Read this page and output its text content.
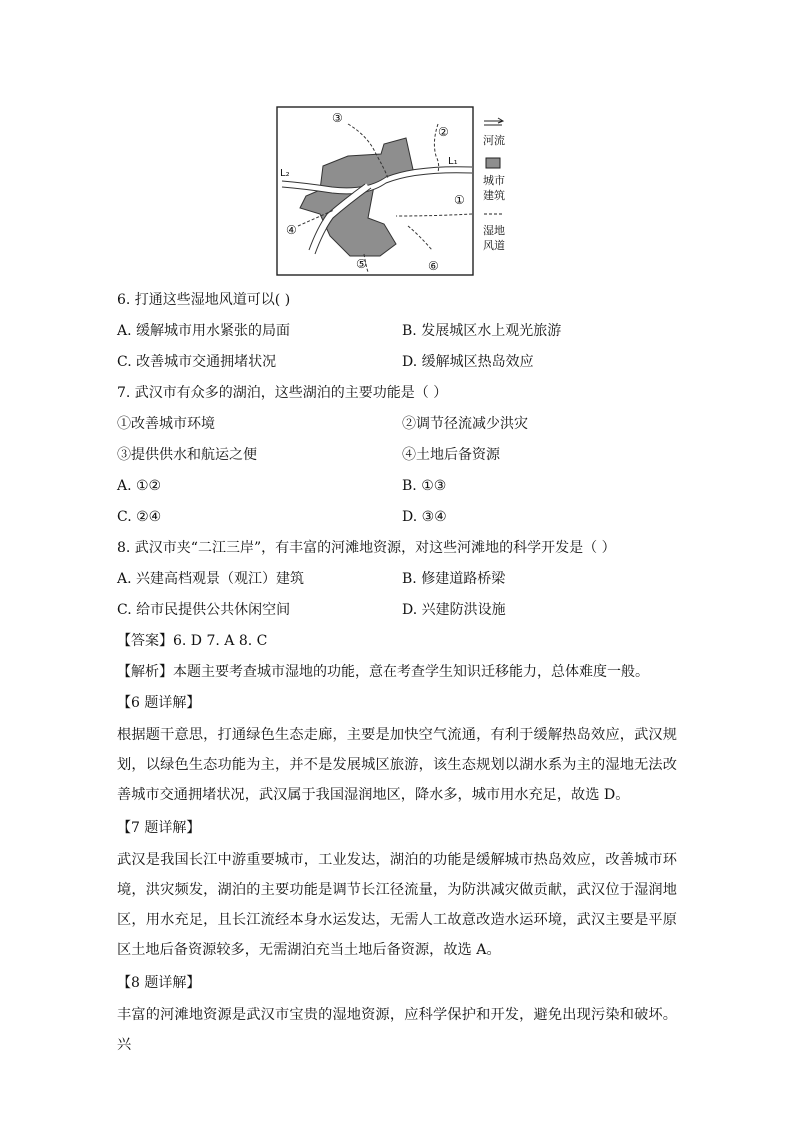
③
②
①
④
⑤	⑥
L₂
L₁
河流
城市
建筑
湿地
风道
6. 打通这些湿地风道可以( )
A. 缓解城市用水紧张的局面	B. 发展城区水上观光旅游
C. 改善城市交通拥堵状况	D. 缓解城区热岛效应
7. 武汉市有众多的湖泊，这些湖泊的主要功能是（ ）
①改善城市环境	②调节径流减少洪灾
③提供供水和航运之便	④土地后备资源
A. ①②	B. ①③
C. ②④	D. ③④
8. 武汉市夹“二江三岸”，有丰富的河滩地资源，对这些河滩地的科学开发是（ ）
A. 兴建高档观景（观江）建筑	B. 修建道路桥梁
C. 给市民提供公共休闲空间	D. 兴建防洪设施
【答案】6. D 7. A 8. C
【解析】本题主要考查城市湿地的功能，意在考查学生知识迁移能力，总体难度一般。
【6 题详解】
根据题干意思，打通绿色生态走廊，主要是加快空气流通，有利于缓解热岛效应，武汉规划，以绿色生态功能为主，并不是发展城区旅游，该生态规划以湖水系为主的湿地无法改善城市交通拥堵状况，武汉属于我国湿润地区，降水多，城市用水充足，故选 D。
【7 题详解】
武汉是我国长江中游重要城市，工业发达，湖泊的功能是缓解城市热岛效应，改善城市环境，洪灾频发，湖泊的主要功能是调节长江径流量，为防洪减灾做贡献，武汉位于湿润地区，用水充足，且长江流经本身水运发达，无需人工故意改造水运环境，武汉主要是平原区土地后备资源较多，无需湖泊充当土地后备资源，故选 A。
【8 题详解】
丰富的河滩地资源是武汉市宝贵的湿地资源，应科学保护和开发，避免出现污染和破坏。兴
